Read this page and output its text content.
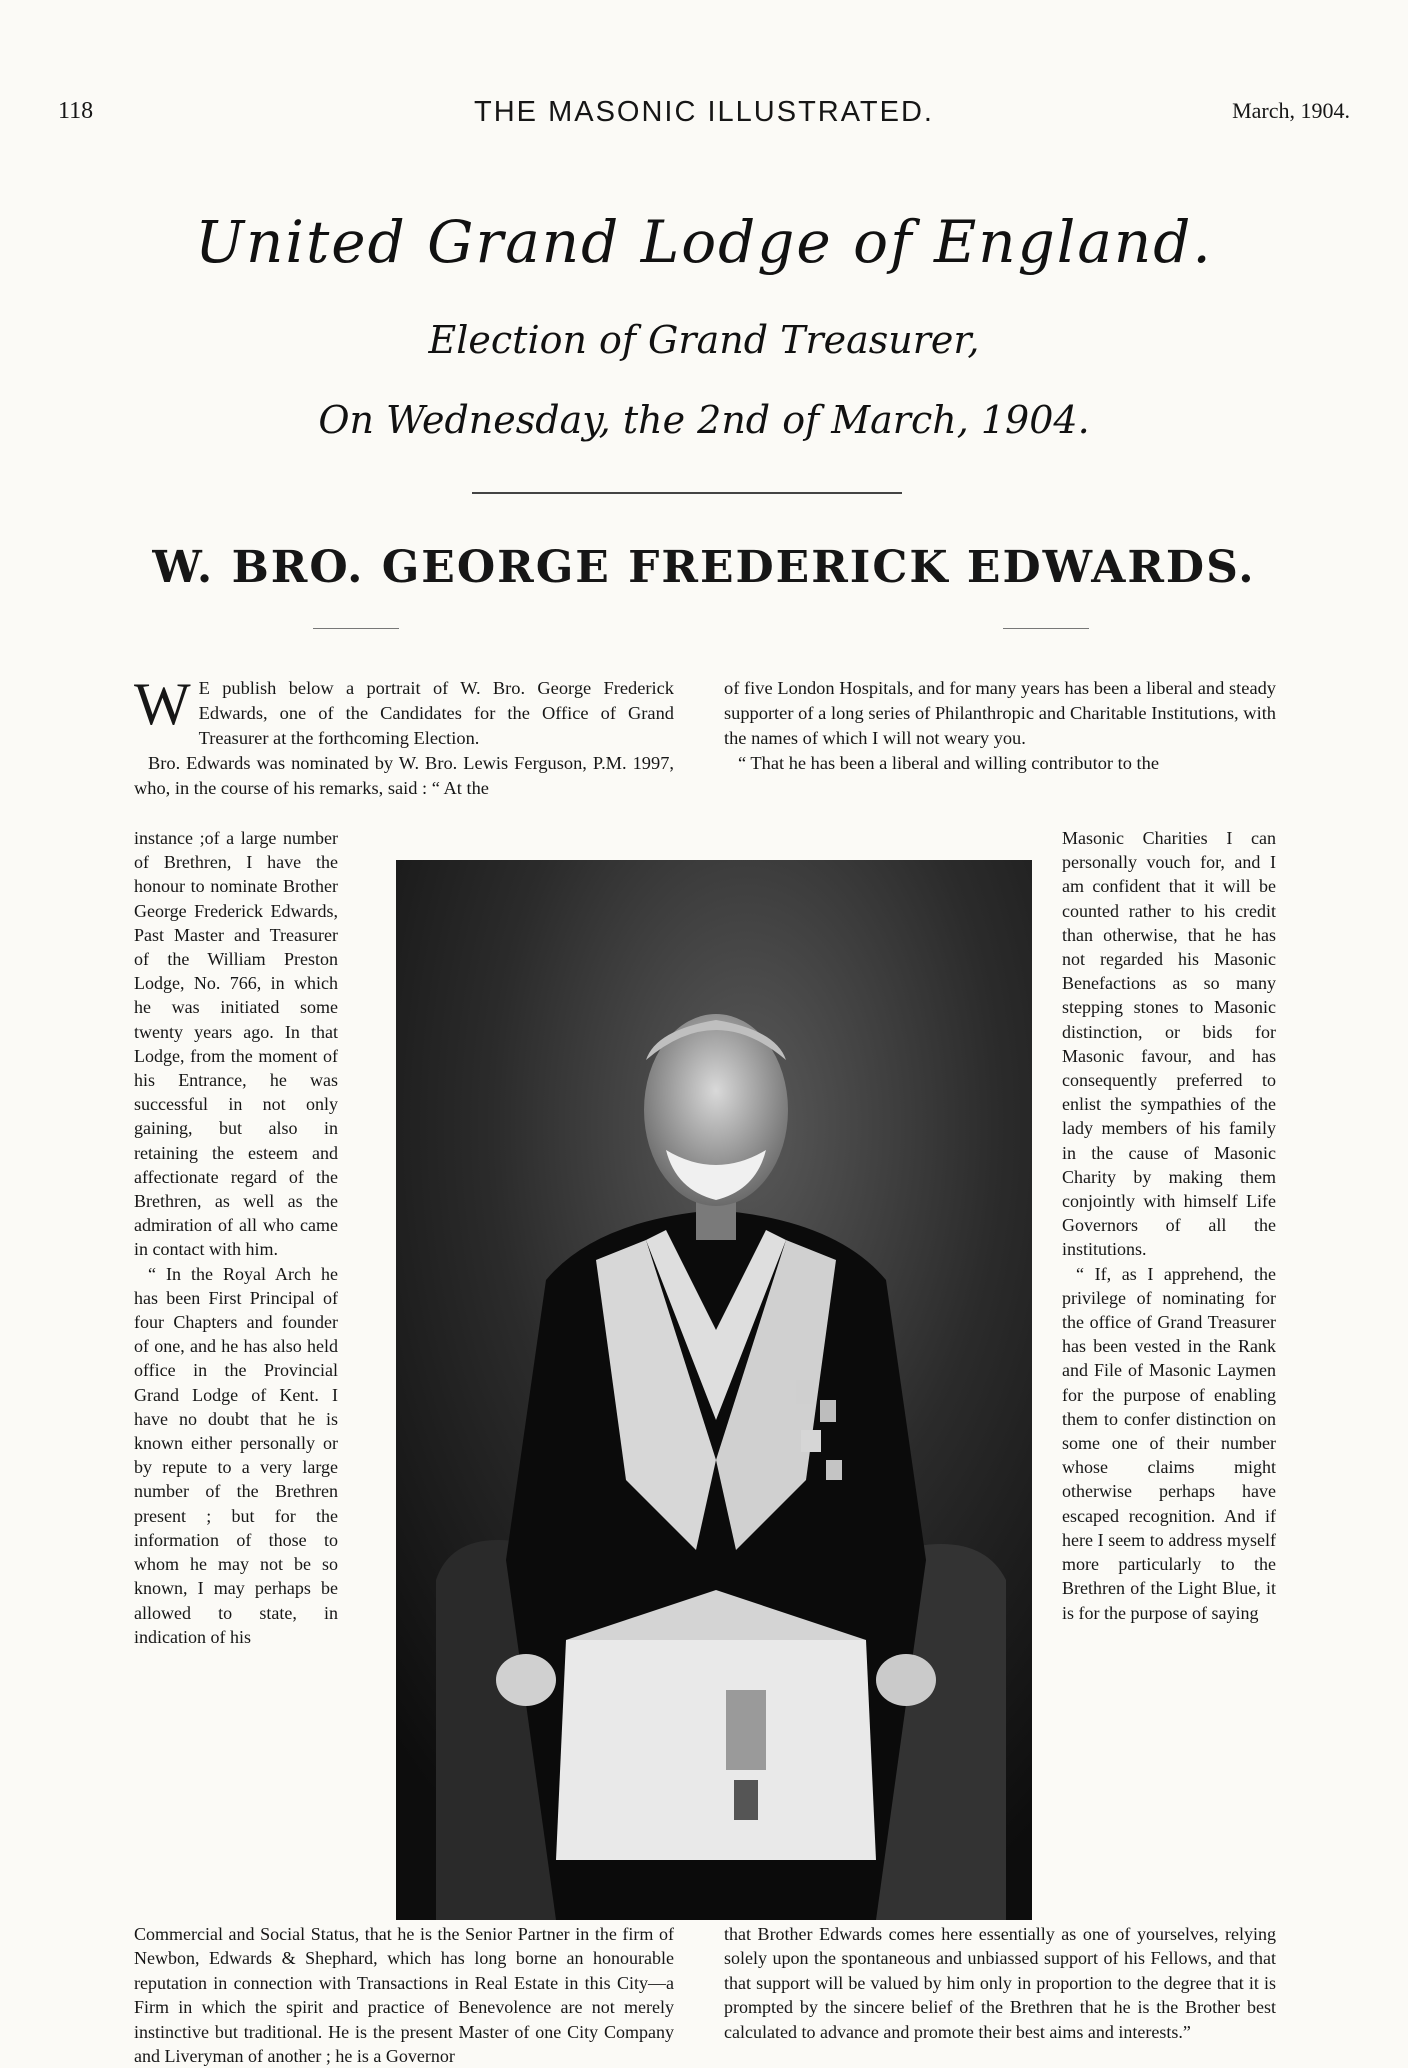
118	THE MASONIC ILLUSTRATED.	March, 1904.
United Grand Lodge of England.
Election of Grand Treasurer,
On Wednesday, the 2nd of March, 1904.
W. BRO. GEORGE FREDERICK EDWARDS.

W E publish below a portrait of W. Bro. George Frederick Edwards, one of the Candidates for the Office of Grand Treasurer at the forthcoming Election.

Bro. Edwards was nominated by W. Bro. Lewis Ferguson, P.M. 1997, who, in the course of his remarks, said : “ At the

of five London Hospitals, and for many years has been a liberal and steady supporter of a long series of Philanthropic and Charitable Institutions, with the names of which I will not weary you.

“ That he has been a liberal and willing contributor to the

instance ;of a large number of Brethren, I have the honour to nominate Brother George Frederick Edwards, Past Master and Treasurer of the William Preston Lodge, No. 766, in which he was initiated some twenty years ago. In that Lodge, from the moment of his Entrance, he was successful in not only gaining, but also in retaining the esteem and affectionate regard of the Brethren, as well as the admiration of all who came in contact with him.

“ In the Royal Arch he has been First Principal of four Chapters and founder of one, and he has also held office in the Provincial Grand Lodge of Kent. I have no doubt that he is known either personally or by repute to a very large number of the Brethren present ; but for the information of those to whom he may not be so known, I may perhaps be allowed to state, in indication of his

Masonic Charities I can personally vouch for, and I am confident that it will be counted rather to his credit than otherwise, that he has not regarded his Masonic Benefactions as so many stepping stones to Masonic distinction, or bids for Masonic favour, and has consequently preferred to enlist the sympathies of the lady members of his family in the cause of Masonic Charity by making them conjointly with himself Life Governors of all the institutions.

“ If, as I apprehend, the privilege of nominating for the office of Grand Treasurer has been vested in the Rank and File of Masonic Laymen for the purpose of enabling them to confer distinction on some one of their number whose claims might otherwise perhaps have escaped recognition. And if here I seem to address myself more particularly to the Brethren of the Light Blue, it is for the purpose of saying

Commercial and Social Status, that he is the Senior Partner in the firm of Newbon, Edwards & Shephard, which has long borne an honourable reputation in connection with Transactions in Real Estate in this City—a Firm in which the spirit and practice of Benevolence are not merely instinctive but traditional. He is the present Master of one City Company and Liveryman of another ; he is a Governor

that Brother Edwards comes here essentially as one of yourselves, relying solely upon the spontaneous and unbiassed support of his Fellows, and that that support will be valued by him only in proportion to the degree that it is prompted by the sincere belief of the Brethren that he is the Brother best calculated to advance and promote their best aims and interests.”
